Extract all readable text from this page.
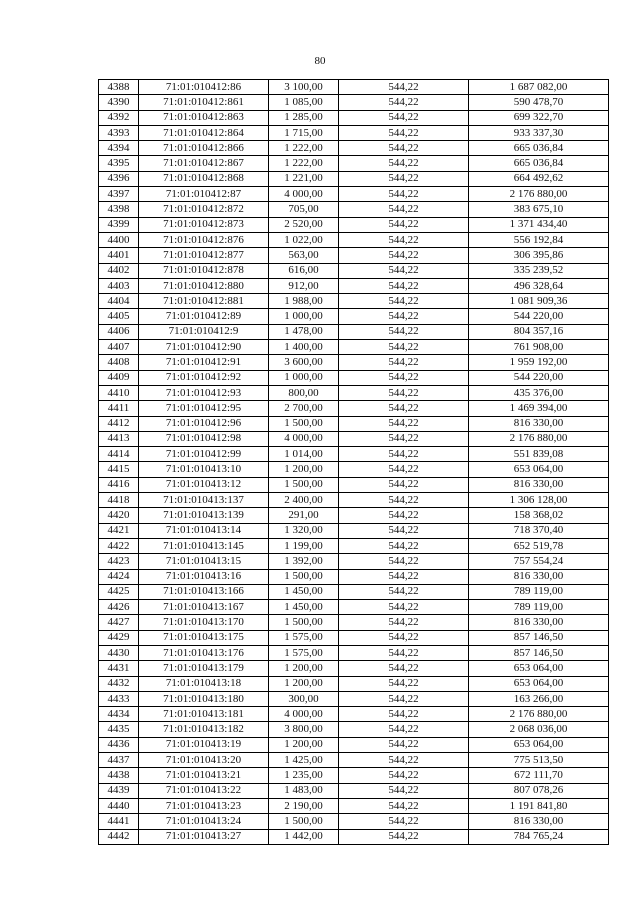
80
4388	71:01:010412:86	3 100,00	544,22	1 687 082,00
4390	71:01:010412:861	1 085,00	544,22	590 478,70
4392	71:01:010412:863	1 285,00	544,22	699 322,70
4393	71:01:010412:864	1 715,00	544,22	933 337,30
4394	71:01:010412:866	1 222,00	544,22	665 036,84
4395	71:01:010412:867	1 222,00	544,22	665 036,84
4396	71:01:010412:868	1 221,00	544,22	664 492,62
4397	71:01:010412:87	4 000,00	544,22	2 176 880,00
4398	71:01:010412:872	705,00	544,22	383 675,10
4399	71:01:010412:873	2 520,00	544,22	1 371 434,40
4400	71:01:010412:876	1 022,00	544,22	556 192,84
4401	71:01:010412:877	563,00	544,22	306 395,86
4402	71:01:010412:878	616,00	544,22	335 239,52
4403	71:01:010412:880	912,00	544,22	496 328,64
4404	71:01:010412:881	1 988,00	544,22	1 081 909,36
4405	71:01:010412:89	1 000,00	544,22	544 220,00
4406	71:01:010412:9	1 478,00	544,22	804 357,16
4407	71:01:010412:90	1 400,00	544,22	761 908,00
4408	71:01:010412:91	3 600,00	544,22	1 959 192,00
4409	71:01:010412:92	1 000,00	544,22	544 220,00
4410	71:01:010412:93	800,00	544,22	435 376,00
4411	71:01:010412:95	2 700,00	544,22	1 469 394,00
4412	71:01:010412:96	1 500,00	544,22	816 330,00
4413	71:01:010412:98	4 000,00	544,22	2 176 880,00
4414	71:01:010412:99	1 014,00	544,22	551 839,08
4415	71:01:010413:10	1 200,00	544,22	653 064,00
4416	71:01:010413:12	1 500,00	544,22	816 330,00
4418	71:01:010413:137	2 400,00	544,22	1 306 128,00
4420	71:01:010413:139	291,00	544,22	158 368,02
4421	71:01:010413:14	1 320,00	544,22	718 370,40
4422	71:01:010413:145	1 199,00	544,22	652 519,78
4423	71:01:010413:15	1 392,00	544,22	757 554,24
4424	71:01:010413:16	1 500,00	544,22	816 330,00
4425	71:01:010413:166	1 450,00	544,22	789 119,00
4426	71:01:010413:167	1 450,00	544,22	789 119,00
4427	71:01:010413:170	1 500,00	544,22	816 330,00
4429	71:01:010413:175	1 575,00	544,22	857 146,50
4430	71:01:010413:176	1 575,00	544,22	857 146,50
4431	71:01:010413:179	1 200,00	544,22	653 064,00
4432	71:01:010413:18	1 200,00	544,22	653 064,00
4433	71:01:010413:180	300,00	544,22	163 266,00
4434	71:01:010413:181	4 000,00	544,22	2 176 880,00
4435	71:01:010413:182	3 800,00	544,22	2 068 036,00
4436	71:01:010413:19	1 200,00	544,22	653 064,00
4437	71:01:010413:20	1 425,00	544,22	775 513,50
4438	71:01:010413:21	1 235,00	544,22	672 111,70
4439	71:01:010413:22	1 483,00	544,22	807 078,26
4440	71:01:010413:23	2 190,00	544,22	1 191 841,80
4441	71:01:010413:24	1 500,00	544,22	816 330,00
4442	71:01:010413:27	1 442,00	544,22	784 765,24
